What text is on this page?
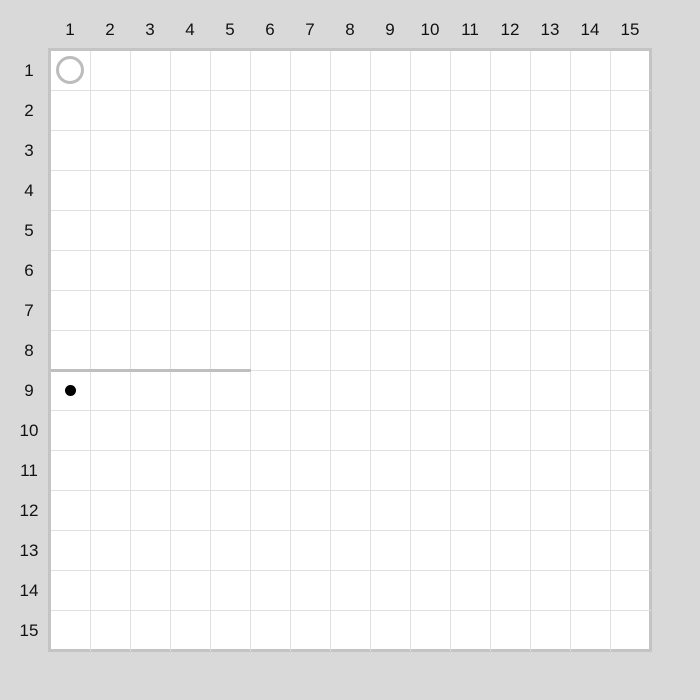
1	2	3	4	5	6	7	8	9	10	11	12	13	14	15
1
2
3
4
5
6
7
8
9
10
11
12
13
14
15
